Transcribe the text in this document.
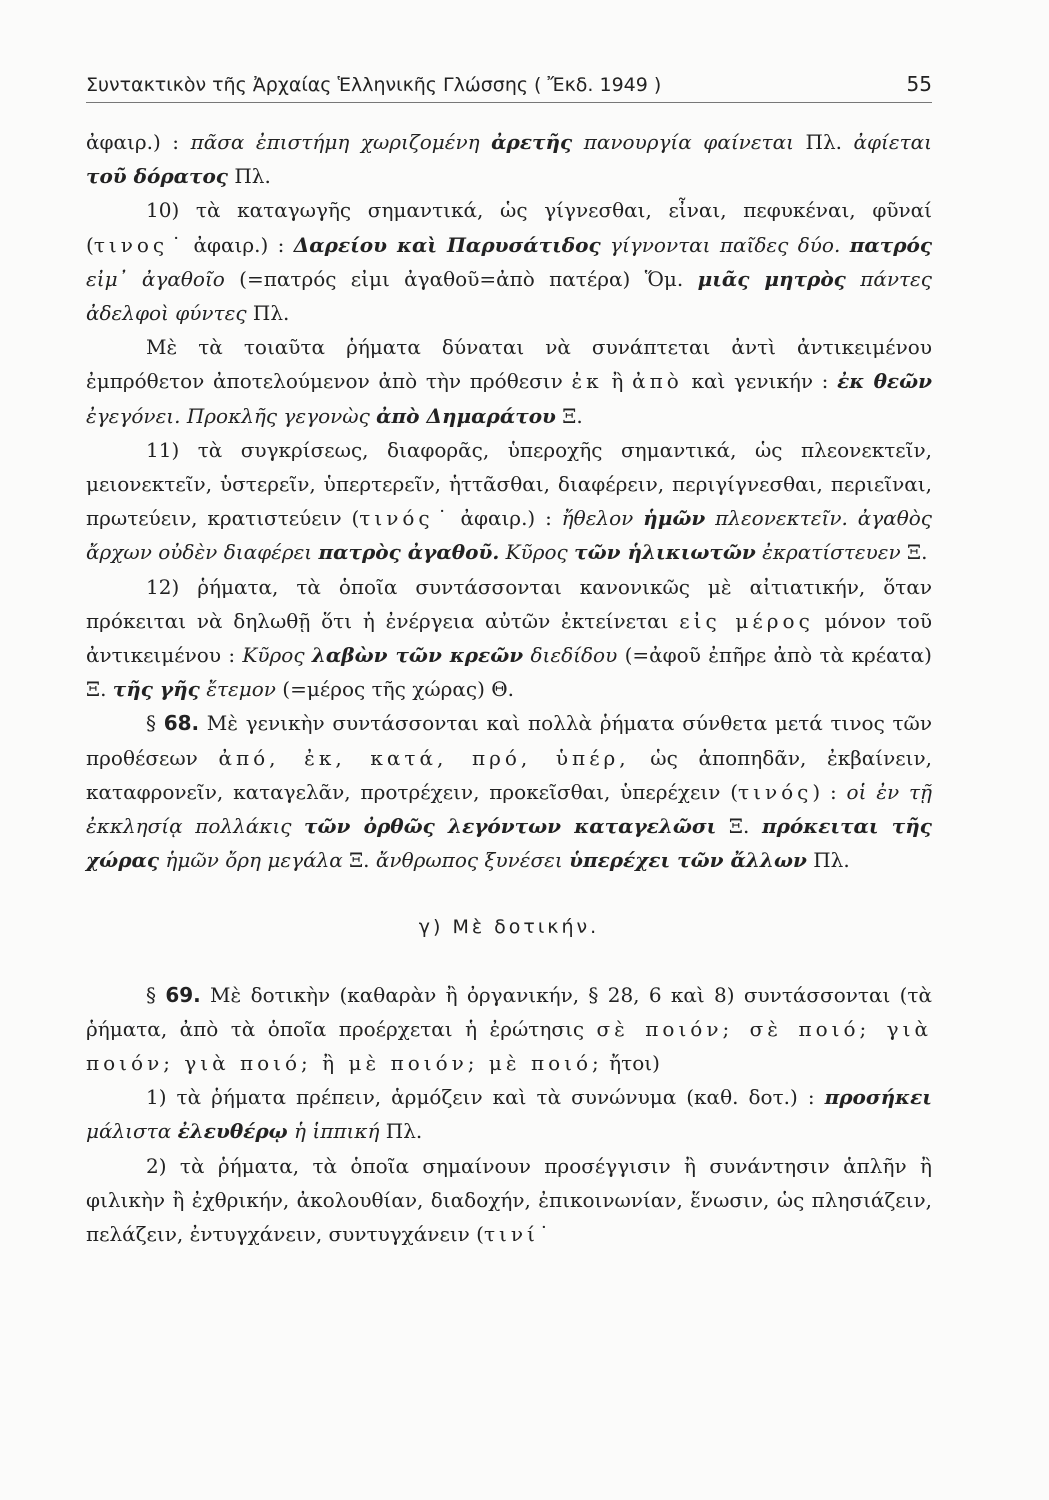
Συντακτικὸν τῆς Ἀρχαίας Ἑλληνικῆς Γλώσσης ( Ἔκδ. 1949 )	55

ἀφαιρ.) : πᾶσα ἐπιστήμη χωριζομένη ἀρετῆς πανουργία φαίνεται Πλ. ἀφίεται τοῦ δόρατος Πλ.

10) τὰ καταγωγῆς σημαντικά, ὡς γίγνεσθαι, εἶναι, πεφυκέναι, φῦναί (τινος˙ ἀφαιρ.) : Δαρείου καὶ Παρυσάτιδος γίγνονται παῖδες δύο. πατρός εἰμ᾽ ἀγαθοῖο (=πατρός εἰμι ἀγαθοῦ=ἀπὸ πατέρα) Ὅμ. μιᾶς μητρὸς πάντες ἀδελφοὶ φύντες Πλ.

Μὲ τὰ τοιαῦτα ῥήματα δύναται νὰ συνάπτεται ἀντὶ ἀντικειμένου ἐμπρόθετον ἀποτελούμενον ἀπὸ τὴν πρόθεσιν ἐκ ἢ ἀπὸ καὶ γενικήν : ἐκ θεῶν ἐγεγόνει. Προκλῆς γεγονὼς ἀπὸ Δημαράτου Ξ.

11) τὰ συγκρίσεως, διαφορᾶς, ὑπεροχῆς σημαντικά, ὡς πλεονεκτεῖν, μειονεκτεῖν, ὑστερεῖν, ὑπερτερεῖν, ἡττᾶσθαι, διαφέρειν, περιγίγνεσθαι, περιεῖναι, πρωτεύειν, κρατιστεύειν (τινός˙ ἀφαιρ.) : ἤθελον ἡμῶν πλεονεκτεῖν. ἀγαθὸς ἄρχων οὐδὲν διαφέρει πατρὸς ἀγαθοῦ. Κῦρος τῶν ἡλικιωτῶν ἐκρατίστευεν Ξ.

12) ῥήματα, τὰ ὁποῖα συντάσσονται κανονικῶς μὲ αἰτιατικήν, ὅταν πρόκειται νὰ δηλωθῇ ὅτι ἡ ἐνέργεια αὐτῶν ἐκτείνεται εἰς μέρος μόνον τοῦ ἀντικειμένου : Κῦρος λαβὼν τῶν κρεῶν διεδίδου (=ἀφοῦ ἐπῆρε ἀπὸ τὰ κρέατα) Ξ. τῆς γῆς ἔτεμον (=μέρος τῆς χώρας) Θ.

§ 68. Μὲ γενικὴν συντάσσονται καὶ πολλὰ ῥήματα σύνθετα μετά τινος τῶν προθέσεων ἀπό, ἐκ, κατά, πρό, ὑπέρ, ὡς ἀποπηδᾶν, ἐκβαίνειν, καταφρονεῖν, καταγελᾶν, προτρέχειν, προκεῖσθαι, ὑπερέχειν (τινός) : οἱ ἐν τῇ ἐκκλησίᾳ πολλάκις τῶν ὀρθῶς λεγόντων καταγελῶσι Ξ. πρόκειται τῆς χώρας ἡμῶν ὄρη μεγάλα Ξ. ἄνθρωπος ξυνέσει ὑπερέχει τῶν ἄλλων Πλ.

γ) Μὲ δοτικήν.

§ 69. Μὲ δοτικὴν (καθαρὰν ἢ ὀργανικήν, § 28, 6 καὶ 8) συντάσσονται (τὰ ῥήματα, ἀπὸ τὰ ὁποῖα προέρχεται ἡ ἐρώτησις σὲ ποιόν; σὲ ποιό; γιὰ ποιόν; γιὰ ποιό; ἢ μὲ ποιόν; μὲ ποιό; ἤτοι)

1) τὰ ῥήματα πρέπειν, ἁρμόζειν καὶ τὰ συνώνυμα (καθ. δοτ.) : προσήκει μάλιστα ἐλευθέρῳ ἡ ἱππική Πλ.

2) τὰ ῥήματα, τὰ ὁποῖα σημαίνουν προσέγγισιν ἢ συνάντησιν ἁπλῆν ἢ φιλικὴν ἢ ἐχθρικήν, ἀκολουθίαν, διαδοχήν, ἐπικοινωνίαν, ἕνωσιν, ὡς πλησιάζειν, πελάζειν, ἐντυγχάνειν, συντυγχάνειν (τινί˙
